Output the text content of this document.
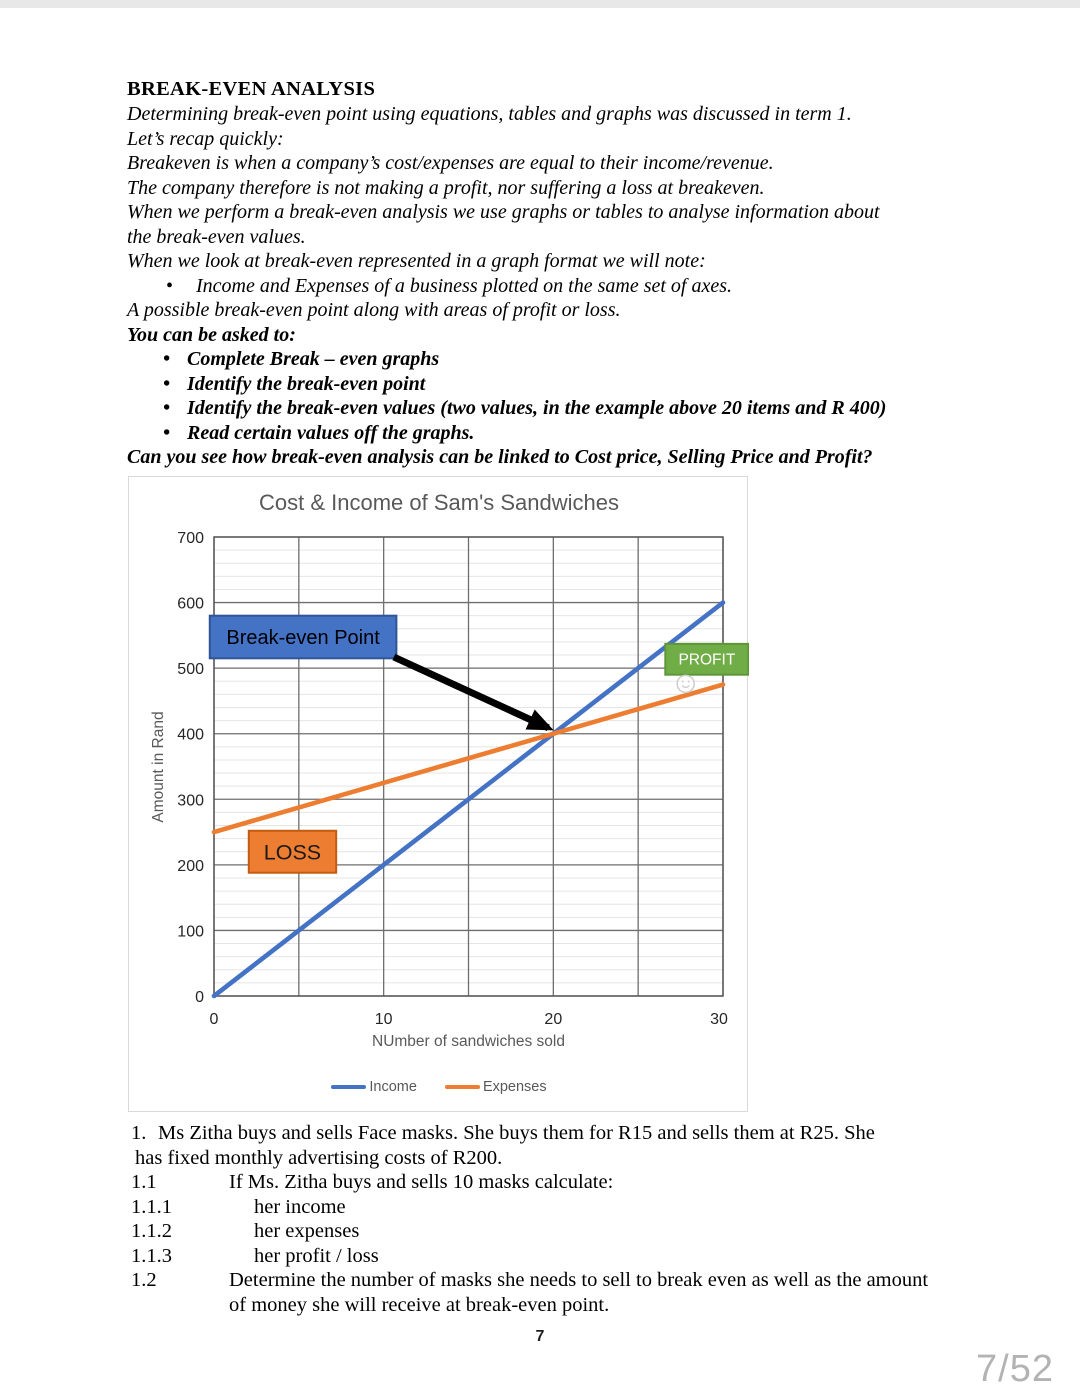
BREAK-EVEN ANALYSIS
Determining break-even point using equations, tables and graphs was discussed in term 1.
Let’s recap quickly:
Breakeven is when a company’s cost/expenses are equal to their income/revenue.
The company therefore is not making a profit, nor suffering a loss at breakeven.
When we perform a break-even analysis we use graphs or tables to analyse information about
the break-even values.
When we look at break-even represented in a graph format we will note:
• Income and Expenses of a business plotted on the same set of axes.
A possible break-even point along with areas of profit or loss.
You can be asked to:
• Complete Break – even graphs
• Identify the break-even point
• Identify the break-even values (two values, in the example above 20 items and R 400)
• Read certain values off the graphs.
Can you see how break-even analysis can be linked to Cost price, Selling Price and Profit?
Cost & Income of Sam's Sandwiches
0
100
200
300
400
500
600
700
0	10	20	30
Break-even Point
LOSS
PROFIT
Amount in Rand
NUmber of sandwiches sold
Income	Expenses
1. Ms Zitha buys and sells Face masks. She buys them for R15 and sells them at R25. She
has fixed monthly advertising costs of R200.
1.1	If Ms. Zitha buys and sells 10 masks calculate:
1.1.1	her income
1.1.2	her expenses
1.1.3	her profit / loss
1.2	Determine the number of masks she needs to sell to break even as well as the amount
of money she will receive at break-even point.
7
7/52
